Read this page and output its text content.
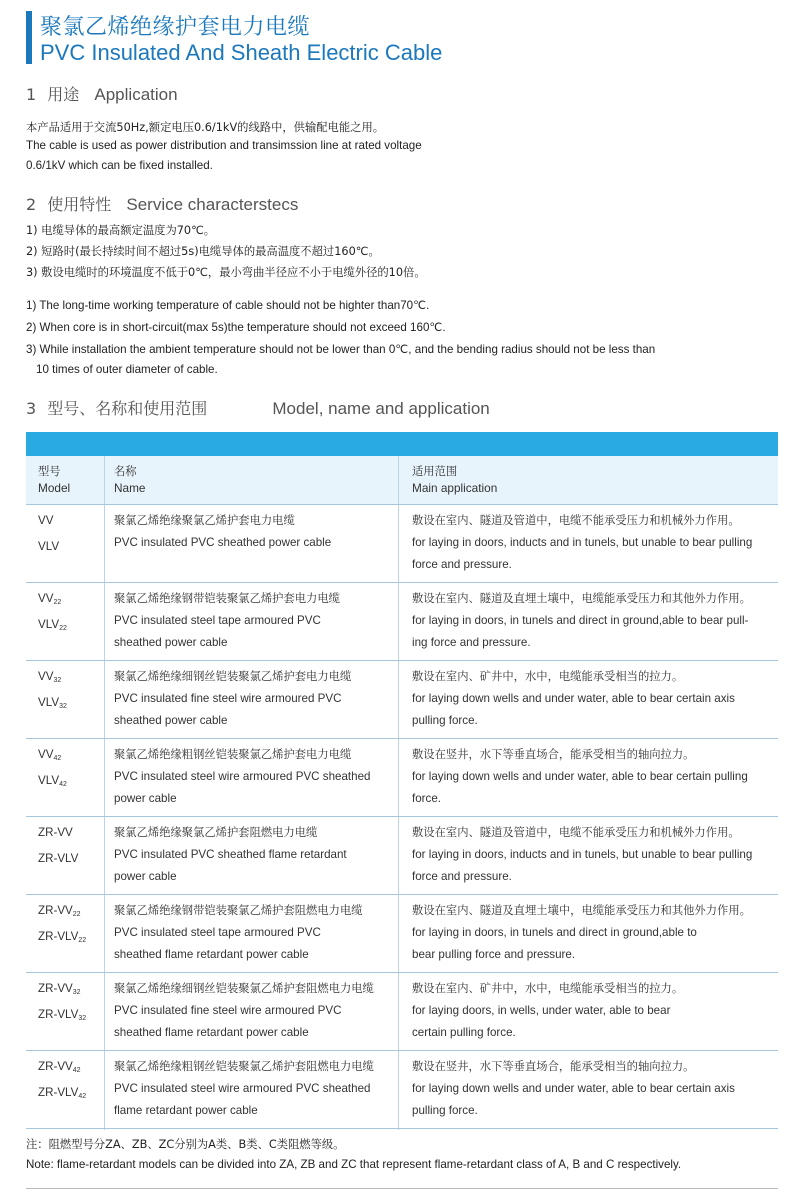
聚氯乙烯绝缘护套电力电缆
PVC Insulated And Sheath Electric Cable
1 用途 Application
本产品适用于交流50Hz,额定电压0.6/1kV的线路中，供输配电能之用。
The cable is used as power distribution and transimssion line at rated voltage
0.6/1kV which can be fixed installed.
2 使用特性 Service characterstecs
1) 电缆导体的最高额定温度为70℃。
2) 短路时(最长持续时间不超过5s)电缆导体的最高温度不超过160℃。
3) 敷设电缆时的环境温度不低于0℃，最小弯曲半径应不小于电缆外径的10倍。
1) The long-time working temperature of cable should not be highter than70℃.
2) When core is in short-circuit(max 5s)the temperature should not exceed 160℃.
3) While installation the ambient temperature should not be lower than 0℃, and the bending radius should not be less than
10 times of outer diameter of cable.
3 型号、名称和使用范围	Model, name and application
型号
Model
名称
Name
适用范围
Main application
VV
VLV
聚氯乙烯绝缘聚氯乙烯护套电力电缆
PVC insulated PVC sheathed power cable
敷设在室内、隧道及管道中，电缆不能承受压力和机械外力作用。
for laying in doors, inducts and in tunels, but unable to bear pulling
force and pressure.
$VV_{22}$
$VLV_{22}$
聚氯乙烯绝缘钢带铠装聚氯乙烯护套电力电缆
PVC insulated steel tape armoured PVC
sheathed power cable
敷设在室内、隧道及直埋土壤中，电缆能承受压力和其他外力作用。
for laying in doors, in tunels and direct in ground,able to bear pull-
ing force and pressure.
$VV_{32}$
$VLV_{32}$
聚氯乙烯绝缘细钢丝铠装聚氯乙烯护套电力电缆
PVC insulated fine steel wire armoured PVC
sheathed power cable
敷设在室内、矿井中，水中，电缆能承受相当的拉力。
for laying down wells and under water, able to bear certain axis
pulling force.
$VV_{42}$
$VLV_{42}$
聚氯乙烯绝缘粗钢丝铠装聚氯乙烯护套电力电缆
PVC insulated steel wire armoured PVC sheathed
power cable
敷设在竖井，水下等垂直场合，能承受相当的轴向拉力。
for laying down wells and under water, able to bear certain pulling
force.
ZR-VV
ZR-VLV
聚氯乙烯绝缘聚氯乙烯护套阻燃电力电缆
PVC insulated PVC sheathed flame retardant
power cable
敷设在室内、隧道及管道中，电缆不能承受压力和机械外力作用。
for laying in doors, inducts and in tunels, but unable to bear pulling
force and pressure.
$ZR-VV_{22}$
$ZR-VLV_{22}$
聚氯乙烯绝缘钢带铠装聚氯乙烯护套阻燃电力电缆
PVC insulated steel tape armoured PVC
sheathed flame retardant power cable
敷设在室内、隧道及直埋土壤中，电缆能承受压力和其他外力作用。
for laying in doors, in tunels and direct in ground,able to
bear pulling force and pressure.
$ZR-VV_{32}$
$ZR-VLV_{32}$
聚氯乙烯绝缘细钢丝铠装聚氯乙烯护套阻燃电力电缆
PVC insulated fine steel wire armoured PVC
sheathed flame retardant power cable
敷设在室内、矿井中，水中，电缆能承受相当的拉力。
for laying doors, in wells, under water, able to bear
certain pulling force.
$ZR-VV_{42}$
$ZR-VLV_{42}$
聚氯乙烯绝缘粗钢丝铠装聚氯乙烯护套阻燃电力电缆
PVC insulated steel wire armoured PVC sheathed
flame retardant power cable
敷设在竖井，水下等垂直场合，能承受相当的轴向拉力。
for laying down wells and under water, able to bear certain axis
pulling force.
注：阻燃型号分ZA、ZB、ZC分别为A类、B类、C类阻燃等级。
Note: flame-retardant models can be divided into ZA, ZB and ZC that represent flame-retardant class of A, B and C respectively.
